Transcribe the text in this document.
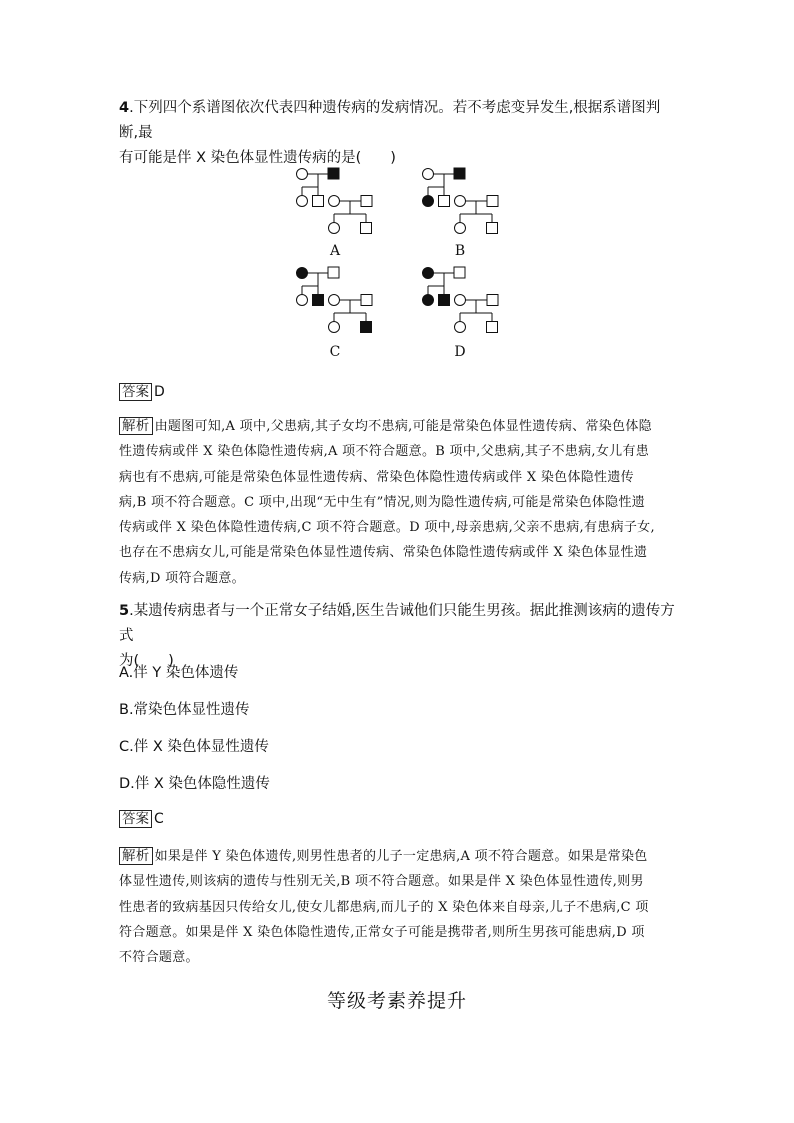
4.下列四个系谱图依次代表四种遗传病的发病情况。若不考虑变异发生,根据系谱图判断,最
有可能是伴 X 染色体显性遗传病的是(　　)
A	B
C	D
答案 D
解析 由题图可知,A 项中,父患病,其子女均不患病,可能是常染色体显性遗传病、常染色体隐
性遗传病或伴 X 染色体隐性遗传病,A 项不符合题意。B 项中,父患病,其子不患病,女儿有患
病也有不患病,可能是常染色体显性遗传病、常染色体隐性遗传病或伴 X 染色体隐性遗传
病,B 项不符合题意。C 项中,出现“无中生有”情况,则为隐性遗传病,可能是常染色体隐性遗
传病或伴 X 染色体隐性遗传病,C 项不符合题意。D 项中,母亲患病,父亲不患病,有患病子女,
也存在不患病女儿,可能是常染色体显性遗传病、常染色体隐性遗传病或伴 X 染色体显性遗
传病,D 项符合题意。
5.某遗传病患者与一个正常女子结婚,医生告诫他们只能生男孩。据此推测该病的遗传方式
为(　　)
A.伴 Y 染色体遗传
B.常染色体显性遗传
C.伴 X 染色体显性遗传
D.伴 X 染色体隐性遗传
答案 C
解析 如果是伴 Y 染色体遗传,则男性患者的儿子一定患病,A 项不符合题意。如果是常染色
体显性遗传,则该病的遗传与性别无关,B 项不符合题意。如果是伴 X 染色体显性遗传,则男
性患者的致病基因只传给女儿,使女儿都患病,而儿子的 X 染色体来自母亲,儿子不患病,C 项
符合题意。如果是伴 X 染色体隐性遗传,正常女子可能是携带者,则所生男孩可能患病,D 项
不符合题意。
等级考素养提升
